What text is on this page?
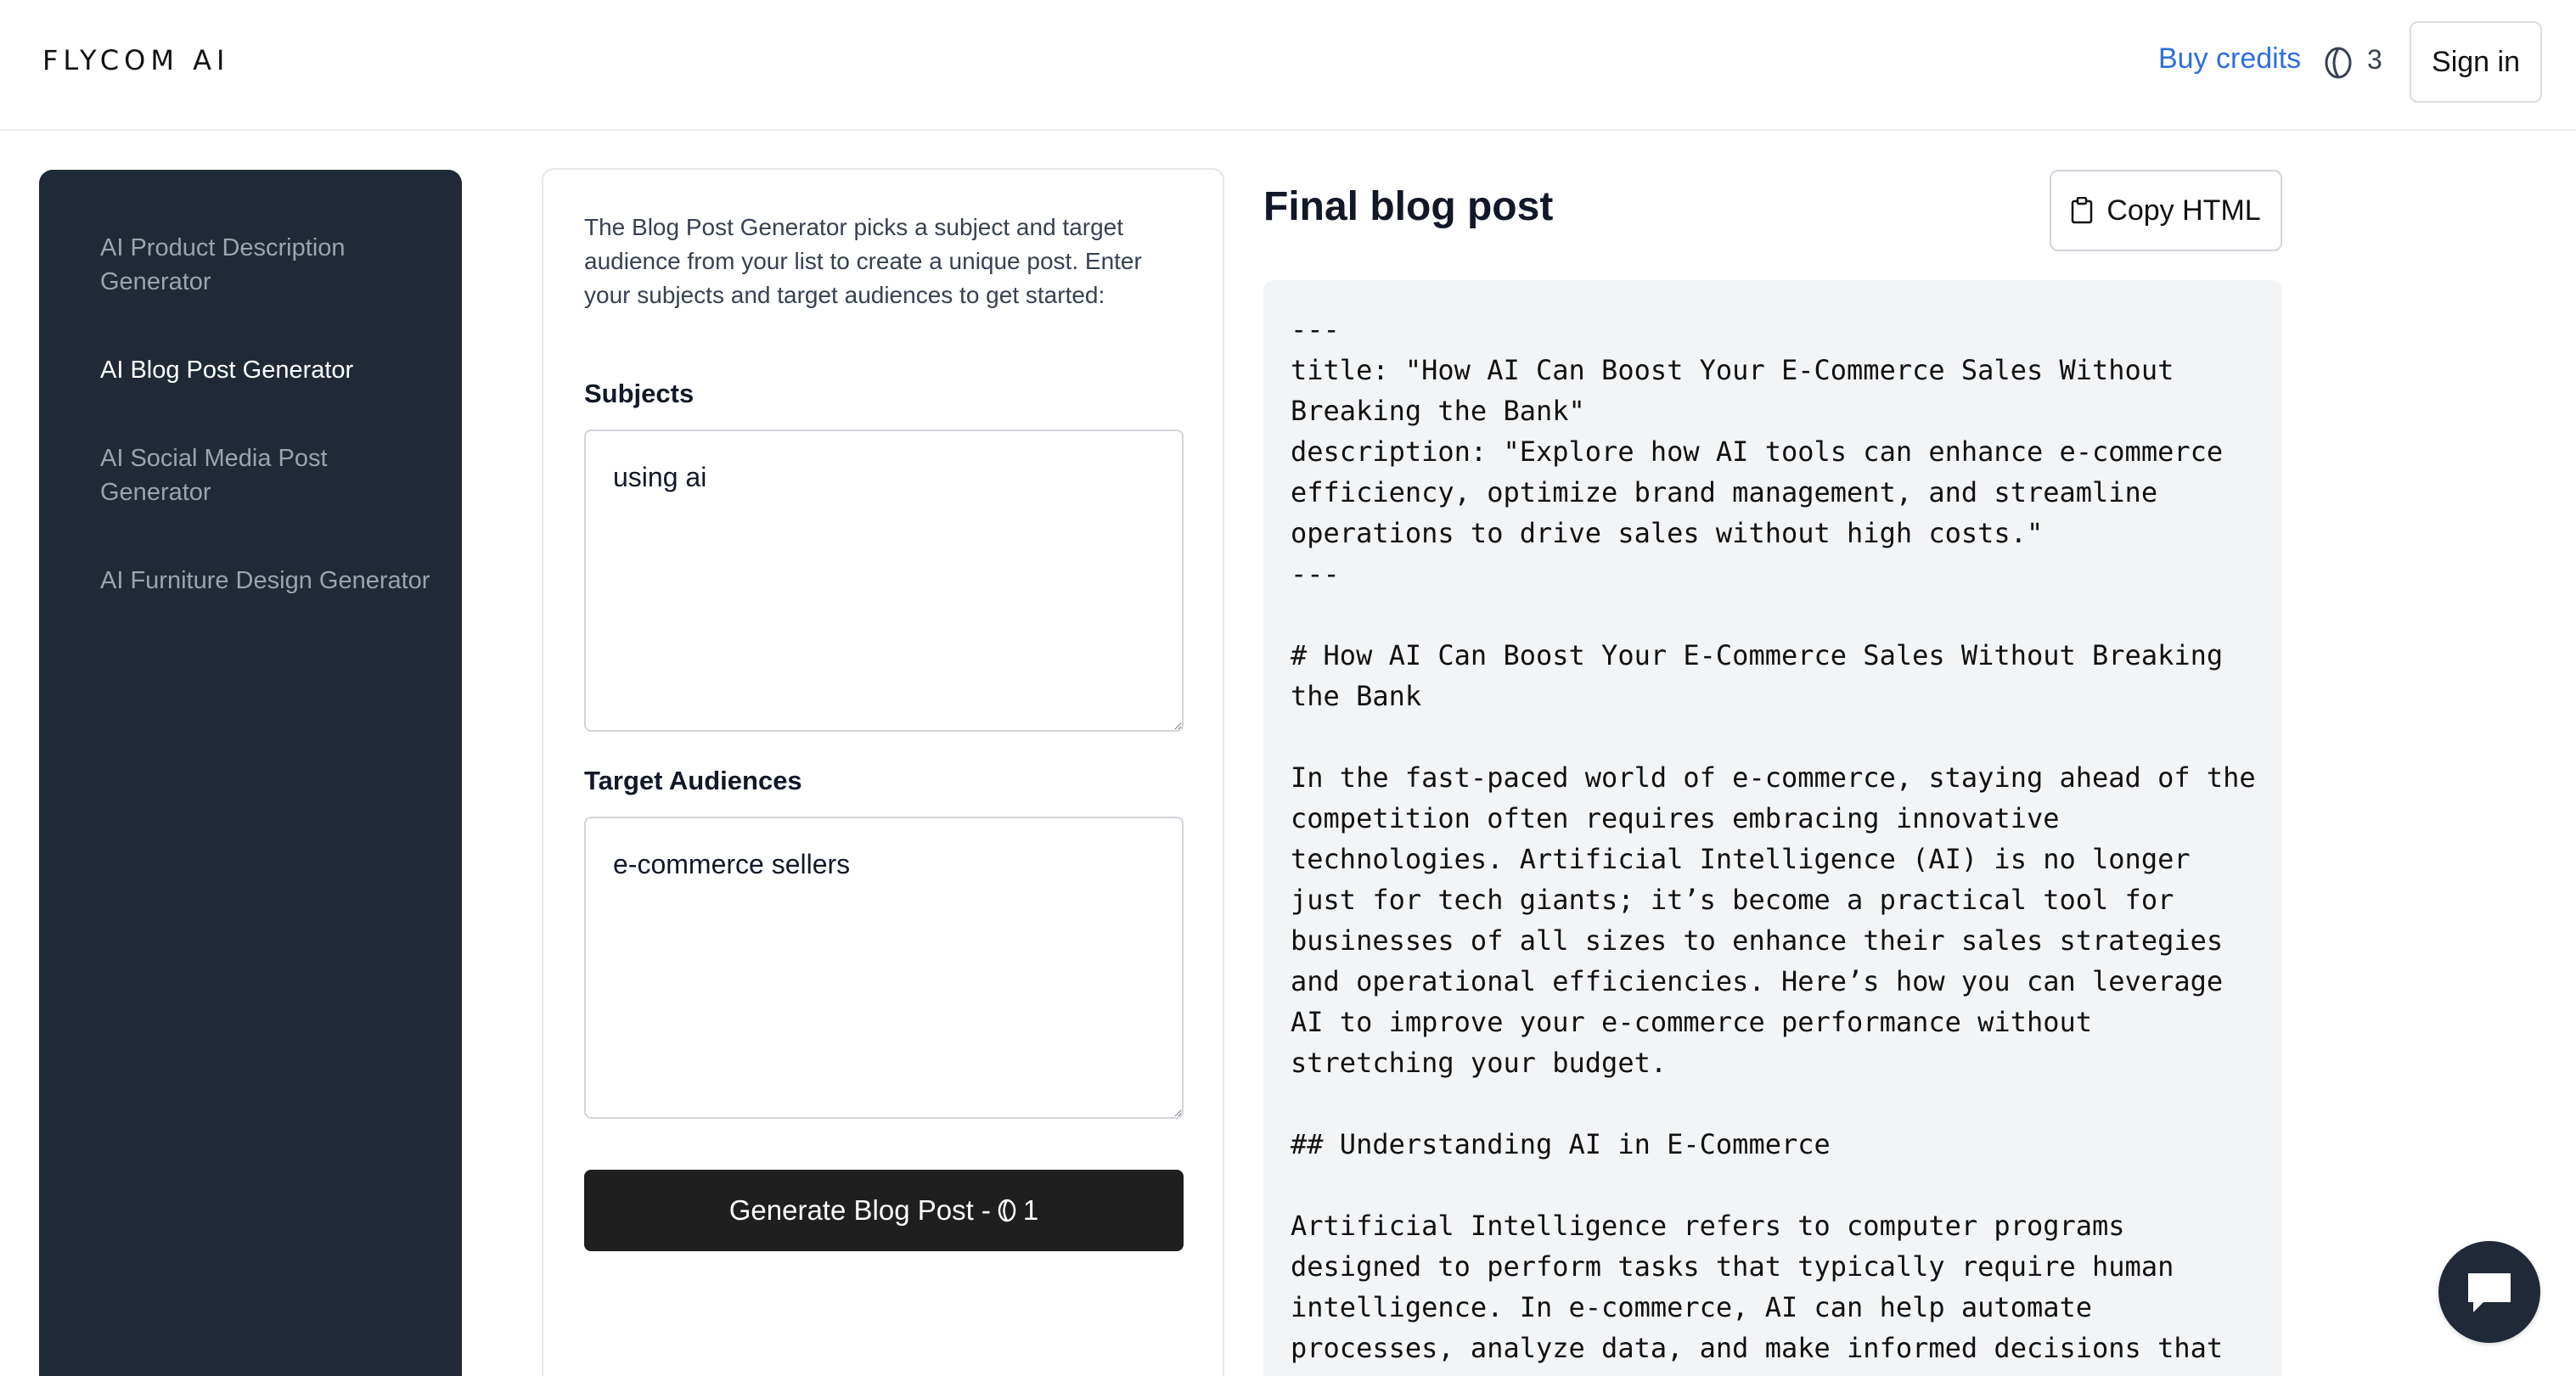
FLYCOM AI	Buy credits 3	Sign in
AI Product Description Generator
AI Blog Post Generator
AI Social Media Post Generator
AI Furniture Design Generator

The Blog Post Generator picks a subject and target audience from your list to create a unique post. Enter your subjects and target audiences to get started:

Subjects
using ai
Target Audiences
e-commerce sellers
Generate Blog Post - 1
Final blog post	Copy HTML
---
title: "How AI Can Boost Your E-Commerce Sales Without Breaking the Bank"
description: "Explore how AI tools can enhance e-commerce efficiency, optimize brand management, and streamline operations to drive sales without high costs."
---

# How AI Can Boost Your E-Commerce Sales Without Breaking the Bank

In the fast-paced world of e-commerce, staying ahead of the competition often requires embracing innovative technologies. Artificial Intelligence (AI) is no longer just for tech giants; it’s become a practical tool for businesses of all sizes to enhance their sales strategies and operational efficiencies. Here’s how you can leverage AI to improve your e-commerce performance without stretching your budget.

## Understanding AI in E-Commerce

Artificial Intelligence refers to computer programs designed to perform tasks that typically require human intelligence. In e-commerce, AI can help automate processes, analyze data, and make informed decisions that
